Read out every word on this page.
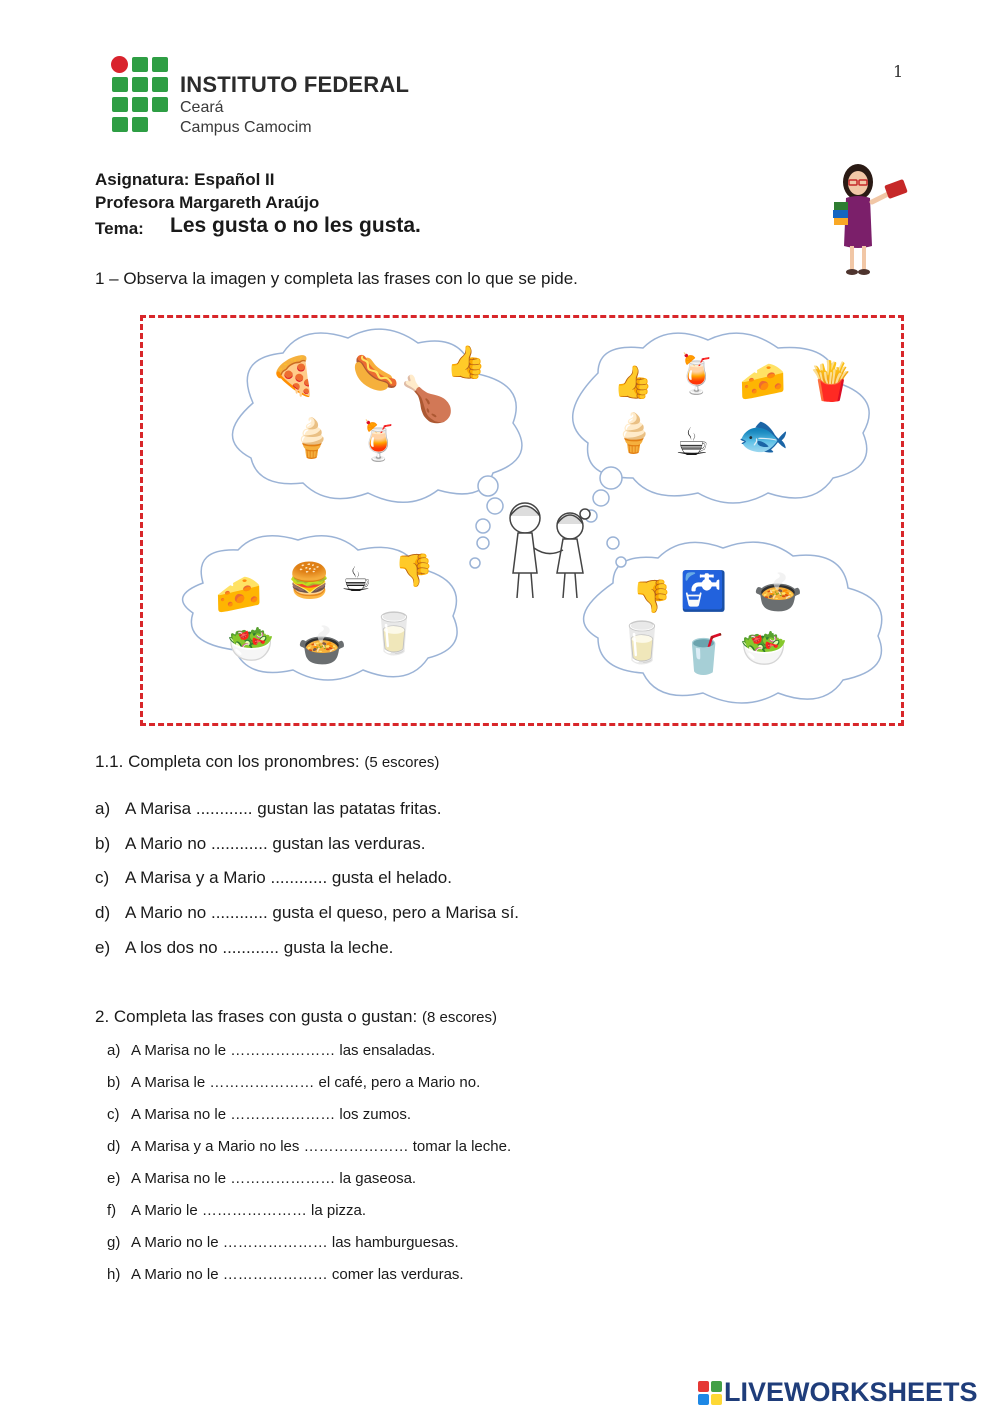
1
INSTITUTO FEDERAL
Ceará
Campus Camocim
Asignatura: Español II
Profesora Margareth Araújo
Tema: Les gusta o no les gusta.
1 – Observa la imagen y completa las frases con lo que se pide.
🍕 🌭 👍
🍗
🍦 🍹
👍 🍹 🧀 🍟
🍦 ☕ 🐟
🧀 🍔 ☕ 👎
🥗 🍲 🥛
👎 🚰 🍲
🥛 🥤 🥗
1.1. Completa con los pronombres: (5 escores)
a) A Marisa ............ gustan las patatas fritas.
b) A Mario no ............ gustan las verduras.
c) A Marisa y a Mario ............ gusta el helado.
d) A Mario no ............ gusta el queso, pero a Marisa sí.
e) A los dos no ............ gusta la leche.
2. Completa las frases con gusta o gustan: (8 escores)
a) A Marisa no le ………………… las ensaladas.
b) A Marisa le ………………… el café, pero a Mario no.
c) A Marisa no le ………………… los zumos.
d) A Marisa y a Mario no les ………………… tomar la leche.
e) A Marisa no le ………………… la gaseosa.
f) A Mario le ………………… la pizza.
g) A Mario no le ………………… las hamburguesas.
h) A Mario no le ………………… comer las verduras.
LIVEWORKSHEETS
